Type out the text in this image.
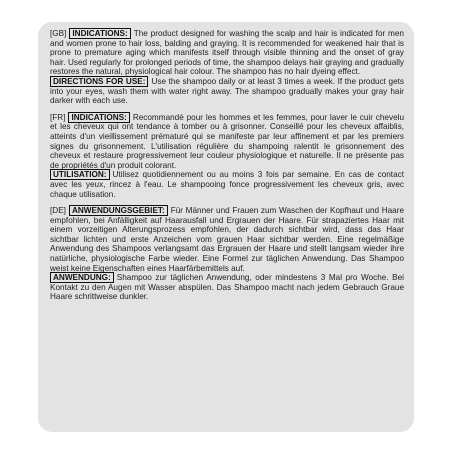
[GB] INDICATIONS: The product designed for washing the scalp and hair is indicated for men and women prone to hair loss, balding and graying. It is recommended for weakened hair that is prone to premature aging which manifests itself through visible thinning and the onset of gray hair. Used regularly for prolonged periods of time, the shampoo delays hair graying and gradually restores the natural, physiological hair colour. The shampoo has no hair dyeing effect.

DIRECTIONS FOR USE: Use the shampoo daily or at least 3 times a week. If the product gets into your eyes, wash them with water right away. The shampoo gradually makes your gray hair darker with each use.

[FR] INDICATIONS: Recommandé pour les hommes et les femmes, pour laver le cuir chevelu et les cheveux qui ont tendance à tomber ou à grisonner. Conseillé pour les cheveux affaiblis, atteints d'un vieillissement prématuré qui se manifeste par leur affinement et par les premiers signes du grisonnement. L'utilisation régulière du shampoing ralentit le grisonnement des cheveux et restaure progressivement leur couleur physiologique et naturelle. Il ne présente pas de propriétés d'un produit colorant.

UTILISATION: Utilisez quotidiennement ou au moins 3 fois par semaine. En cas de contact avec les yeux, rincez à l'eau. Le shampooing fonce progressivement les cheveux gris, avec chaque utilisation.

[DE] ANWENDUNGSGEBIET: Für Männer und Frauen zum Waschen der Kopfhaut und Haare empfohlen, bei Anfälligkeit auf Haarausfall und Ergrauen der Haare. Für strapaziertes Haar mit einem vorzeitigen Alterungsprozess empfohlen, der dadurch sichtbar wird, dass das Haar sichtbar lichten und erste Anzeichen vom grauen Haar sichtbar werden. Eine regelmäßige Anwendung des Shampoos verlangsamt das Ergrauen der Haare und stellt langsam wieder ihre natürliche, physiologische Farbe wieder. Eine Formel zur täglichen Anwendung. Das Shampoo weist keine Eigenschaften eines Haarfärbemittels auf.

ANWENDUNG: Shampoo zur täglichen Anwendung, oder mindestens 3 Mal pro Woche. Bei Kontakt zu den Augen mit Wasser abspülen. Das Shampoo macht nach jedem Gebrauch Graue Haare schrittweise dunkler.
